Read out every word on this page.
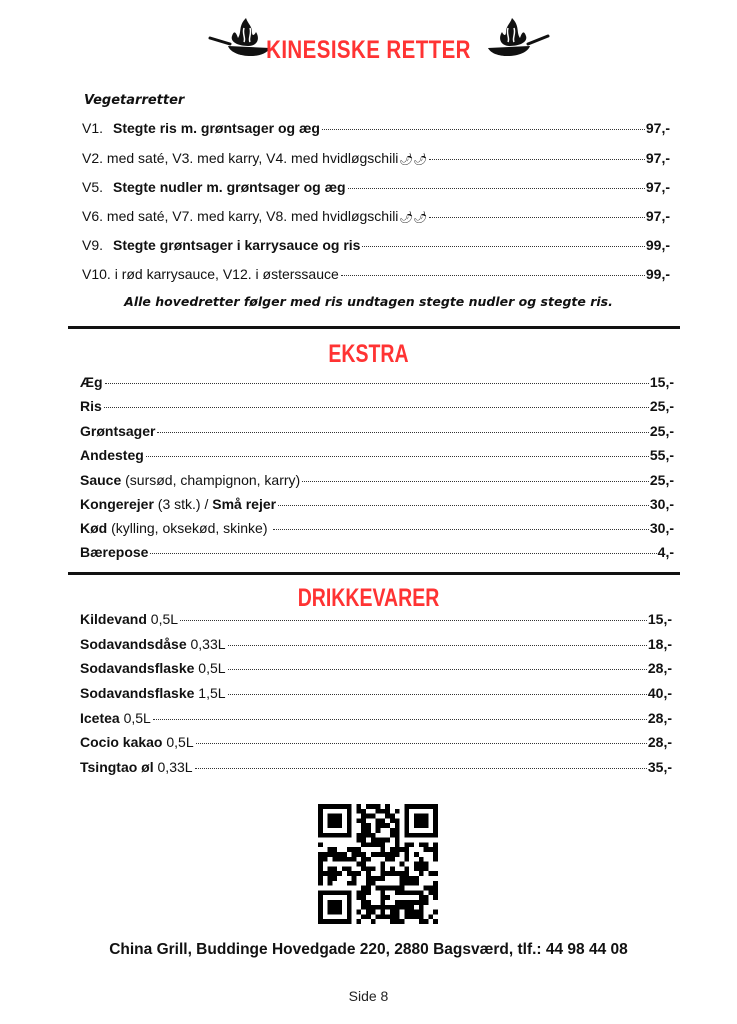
KINESISKE RETTER
Vegetarretter
V1. Stegte ris m. grøntsager og æg	97,-
V2. med saté, V3. med karry, V4. med hvidløgschili🌶🌶	97,-
V5. Stegte nudler m. grøntsager og æg	97,-
V6. med saté, V7. med karry, V8. med hvidløgschili🌶🌶	97,-
V9. Stegte grøntsager i karrysauce og ris	99,-
V10. i rød karrysauce, V12. i østerssauce	99,-
Alle hovedretter følger med ris undtagen stegte nudler og stegte ris.
EKSTRA
Æg	15,-
Ris	25,-
Grøntsager	25,-
Andesteg	55,-
Sauce (sursød, champignon, karry)	25,-
Kongerejer (3 stk.) / Små rejer	30,-
Kød (kylling, oksekød, skinke)	30,-
Bærepose	4,-
DRIKKEVARER
Kildevand 0,5L	15,-
Sodavandsdåse 0,33L	18,-
Sodavandsflaske 0,5L	28,-
Sodavandsflaske 1,5L	40,-
Icetea 0,5L	28,-
Cocio kakao 0,5L	28,-
Tsingtao øl 0,33L	35,-
China Grill, Buddinge Hovedgade 220, 2880 Bagsværd, tlf.: 44 98 44 08
Side 8
